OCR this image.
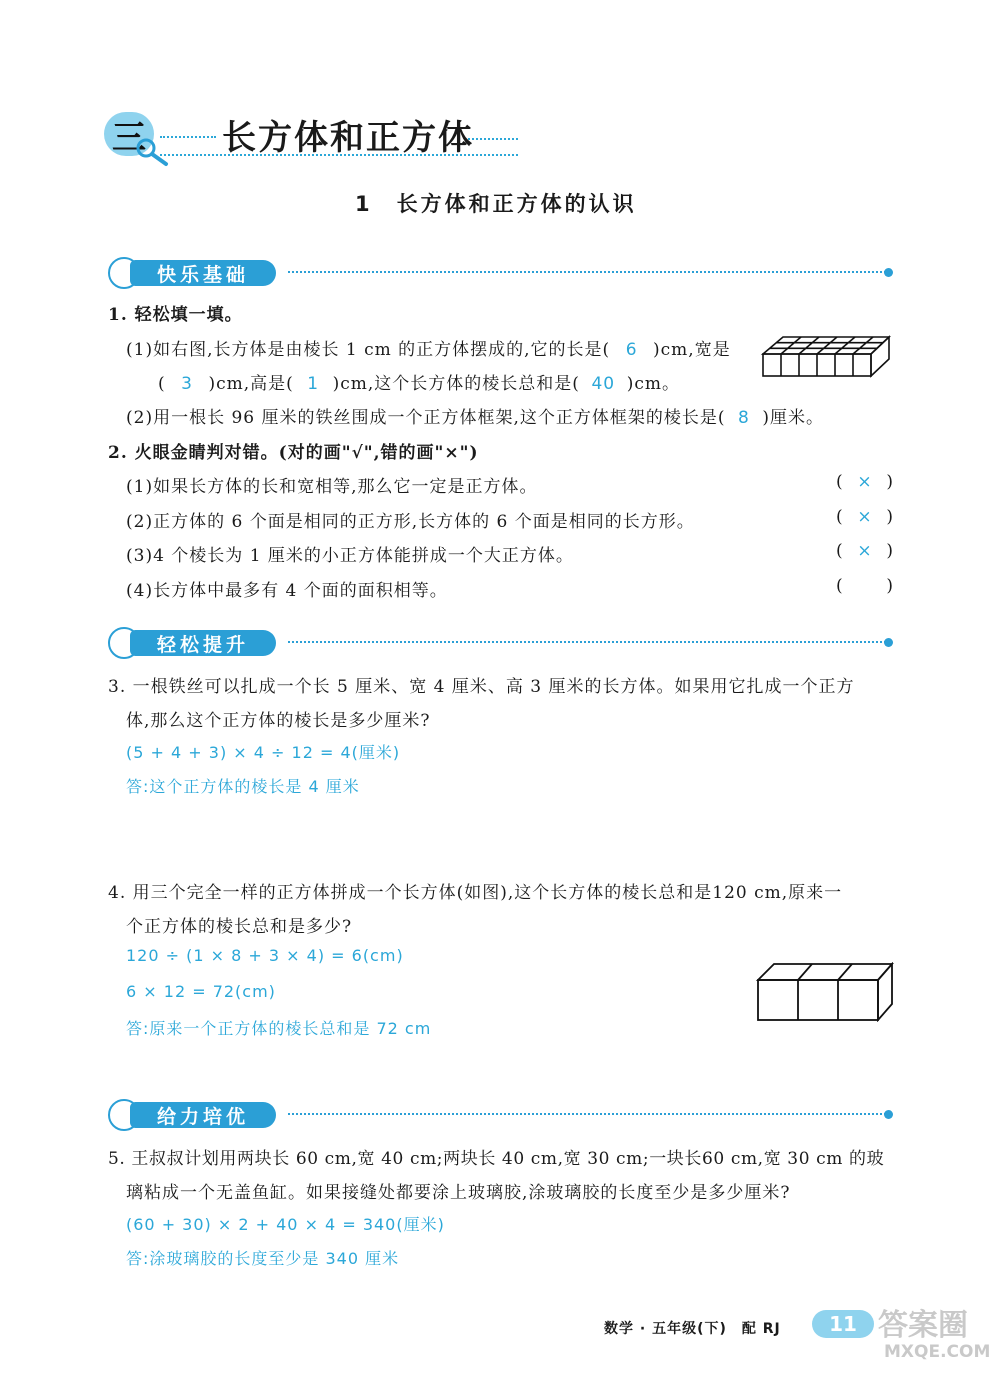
三 长方体和正方体
1　长方体和正方体的认识
快乐基础
1. 轻松填一填。
(1)如右图,长方体是由棱长 1 cm 的正方体摆成的,它的长是( 6 )cm,宽是
( 3 )cm,高是( 1 )cm,这个长方体的棱长总和是( 40 )cm。
(2)用一根长 96 厘米的铁丝围成一个正方体框架,这个正方体框架的棱长是( 8 )厘米。
2. 火眼金睛判对错。(对的画"√",错的画"×")
(1)如果长方体的长和宽相等,那么它一定是正方体。	( × )
(2)正方体的 6 个面是相同的正方形,长方体的 6 个面是相同的长方形。	( × )
(3)4 个棱长为 1 厘米的小正方体能拼成一个大正方体。	( × )
(4)长方体中最多有 4 个面的面积相等。	(	)
轻松提升
3. 一根铁丝可以扎成一个长 5 厘米、宽 4 厘米、高 3 厘米的长方体。如果用它扎成一个正方
体,那么这个正方体的棱长是多少厘米?
(5 + 4 + 3) × 4 ÷ 12 = 4(厘米)
答:这个正方体的棱长是 4 厘米
4. 用三个完全一样的正方体拼成一个长方体(如图),这个长方体的棱长总和是120 cm,原来一
个正方体的棱长总和是多少?
120 ÷ (1 × 8 + 3 × 4) = 6(cm)
6 × 12 = 72(cm)
答:原来一个正方体的棱长总和是 72 cm
给力培优
5. 王叔叔计划用两块长 60 cm,宽 40 cm;两块长 40 cm,宽 30 cm;一块长60 cm,宽 30 cm 的玻
璃粘成一个无盖鱼缸。如果接缝处都要涂上玻璃胶,涂玻璃胶的长度至少是多少厘米?
(60 + 30) × 2 + 40 × 4 = 340(厘米)
答:涂玻璃胶的长度至少是 340 厘米
数学 · 五年级(下)　配 RJ	11 答案圈
MXQE.COM
